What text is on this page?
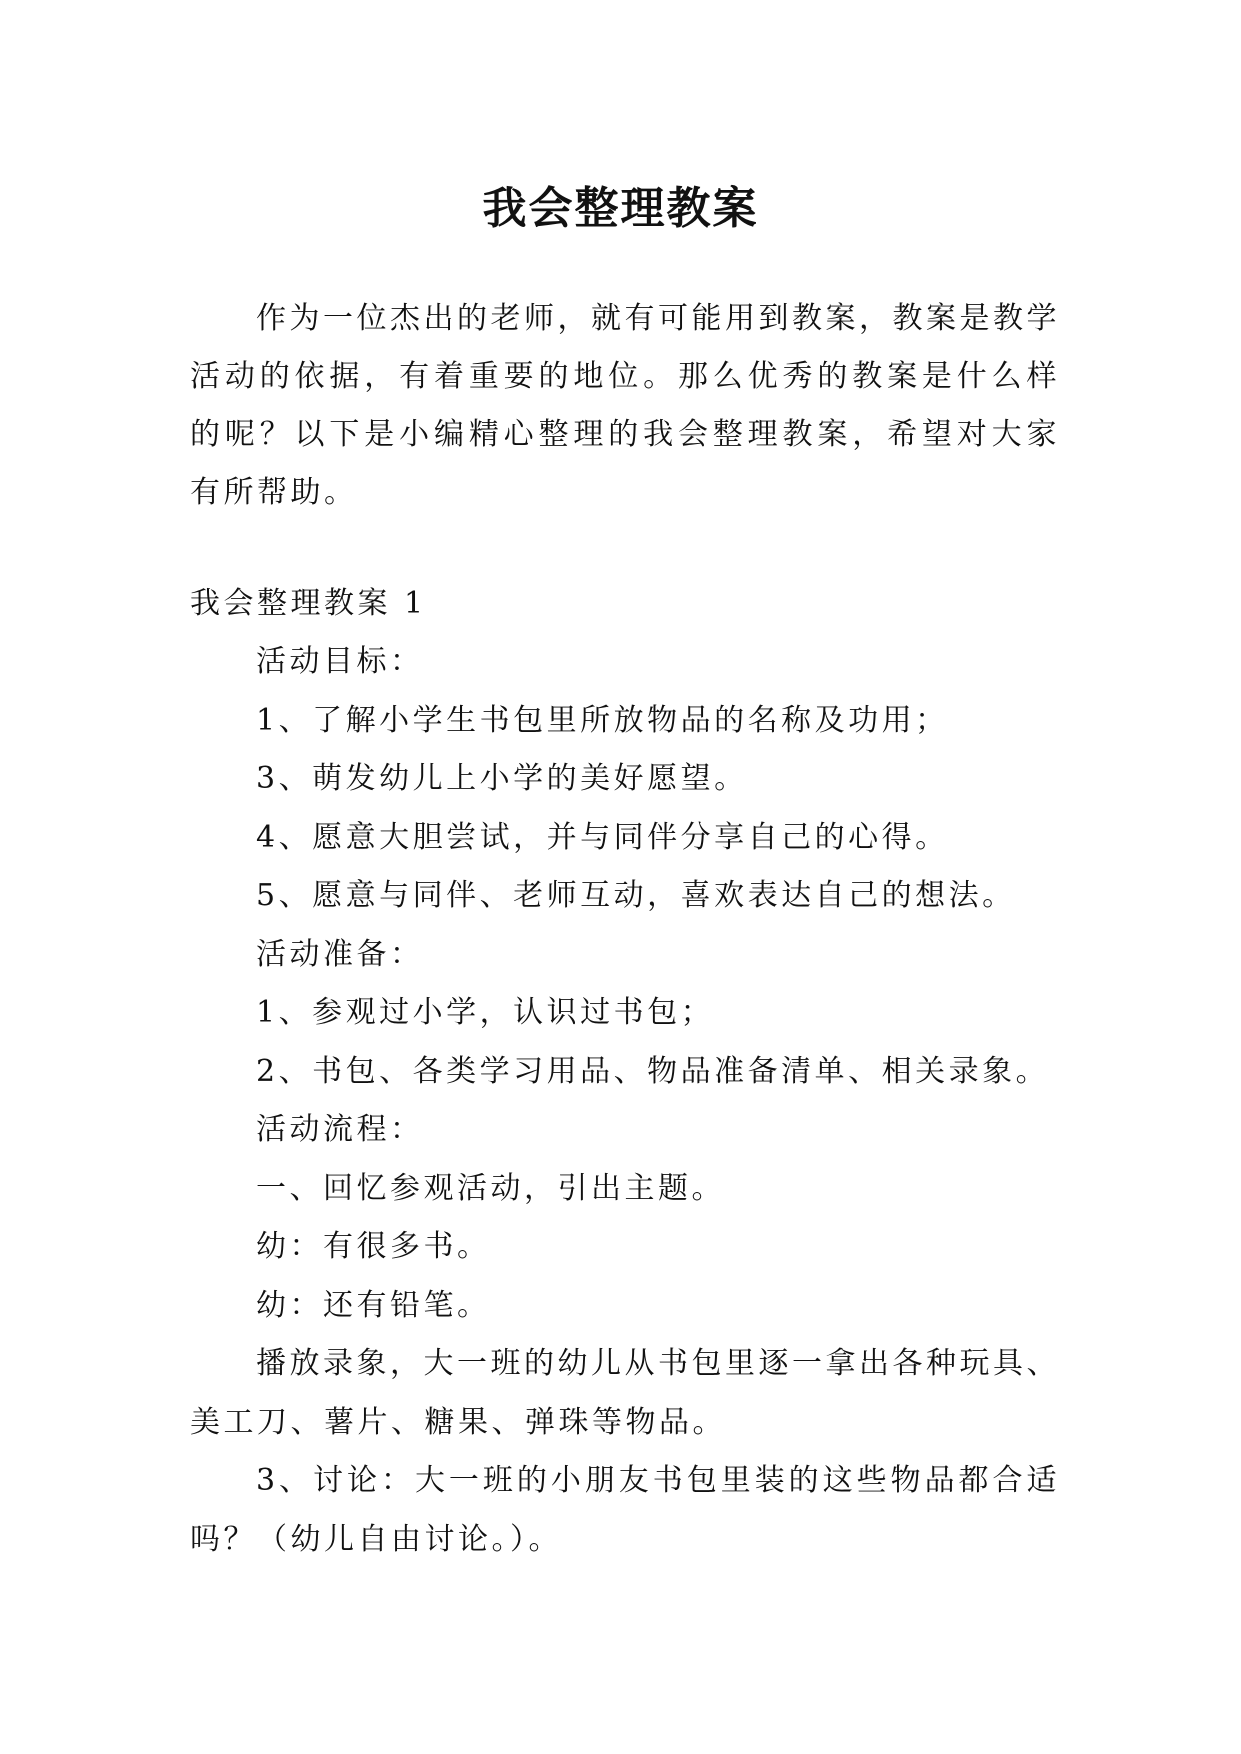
我会整理教案

作为一位杰出的老师，就有可能用到教案，教案是教学活动的依据，有着重要的地位。那么优秀的教案是什么样的呢？以下是小编精心整理的我会整理教案，希望对大家有所帮助。

我会整理教案 1

活动目标：

1、了解小学生书包里所放物品的名称及功用；

3、萌发幼儿上小学的美好愿望。

4、愿意大胆尝试，并与同伴分享自己的心得。

5、愿意与同伴、老师互动，喜欢表达自己的想法。

活动准备：

1、参观过小学，认识过书包；

2、书包、各类学习用品、物品准备清单、相关录象。

活动流程：

一、回忆参观活动，引出主题。

幼：有很多书。

幼：还有铅笔。

播放录象，大一班的幼儿从书包里逐一拿出各种玩具、美工刀、薯片、糖果、弹珠等物品。

3、讨论：大一班的小朋友书包里装的这些物品都合适吗？（幼儿自由讨论。）。
